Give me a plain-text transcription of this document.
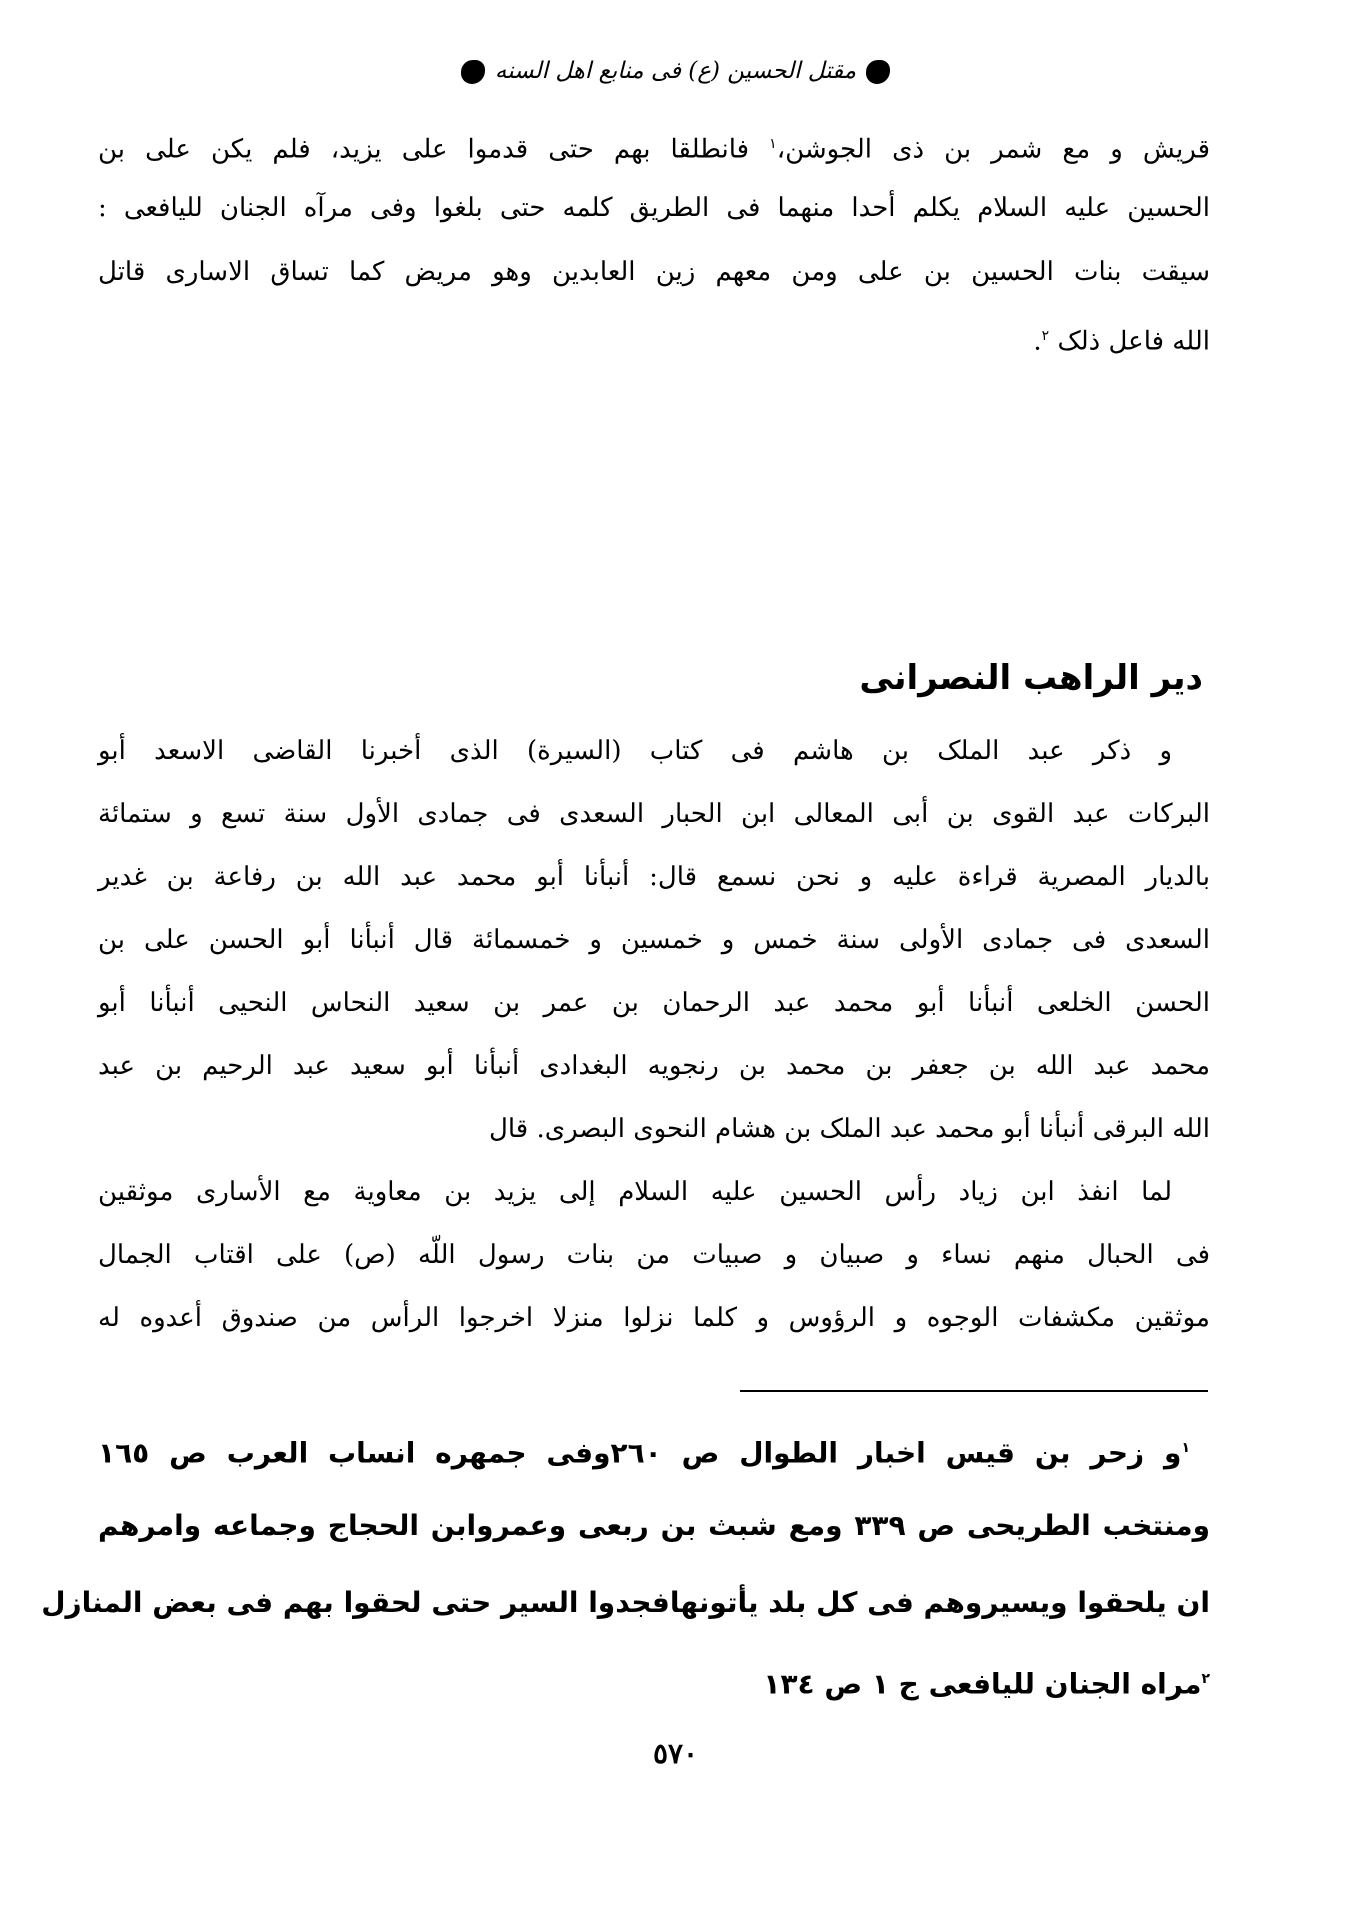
مقتل الحسين (ع) فی منابع اهل السنه
قريش و مع شمر بن ذى الجوشن،$^١$ فانطلقا بهم حتى قدموا على يزيد، فلم يكن على بن
الحسين عليه السلام يكلم أحدا منهما فى الطريق كلمه حتى بلغوا وفى مرآه الجنان لليافعى :
سيقت بنات الحسين بن على ومن معهم زين العابدين وهو مريض كما تساق الاسارى قاتل
الله فاعل ذلک $^٢$.
دير الراهب النصرانى
و ذكر عبد الملک بن هاشم فى كتاب (السيرة) الذى أخبرنا القاضى الاسعد أبو
البركات عبد القوى بن أبى المعالى ابن الحبار السعدى فى جمادى الأول سنة تسع و ستمائة
بالديار المصرية قراءة عليه و نحن نسمع قال: أنبأنا أبو محمد عبد الله بن رفاعة بن غدير
السعدى فى جمادى الأولى سنة خمس و خمسين و خمسمائة قال أنبأنا أبو الحسن على بن
الحسن الخلعى أنبأنا أبو محمد عبد الرحمان بن عمر بن سعيد النحاس النحيى أنبأنا أبو
محمد عبد الله بن جعفر بن محمد بن رنجويه البغدادى أنبأنا أبو سعيد عبد الرحيم بن عبد
الله البرقى أنبأنا أبو محمد عبد الملک بن هشام النحوى البصرى. قال
لما انفذ ابن زياد رأس الحسين عليه السلام إلى يزيد بن معاوية مع الأسارى موثقين
فى الحبال منهم نساء و صبيان و صبيات من بنات رسول اللّه (ص) على اقتاب الجمال
موثقين مكشفات الوجوه و الرؤوس و كلما نزلوا منزلا اخرجوا الرأس من صندوق أعدوه له
$^١$و زحر بن قيس اخبار الطوال ص ٢٦٠وفى جمهره انساب العرب ص ١٦٥
ومنتخب الطريحى ص ٣٣٩ ومع شبث بن ربعى وعمروابن الحجاج وجماعه وامرهم
ان يلحقوا ويسيروهم فى كل بلد يأتونهافجدوا السير حتى لحقوا بهم فى بعض المنازل
$^٢$مراه الجنان لليافعى ج ١ ص ١٣٤
٥٧٠
